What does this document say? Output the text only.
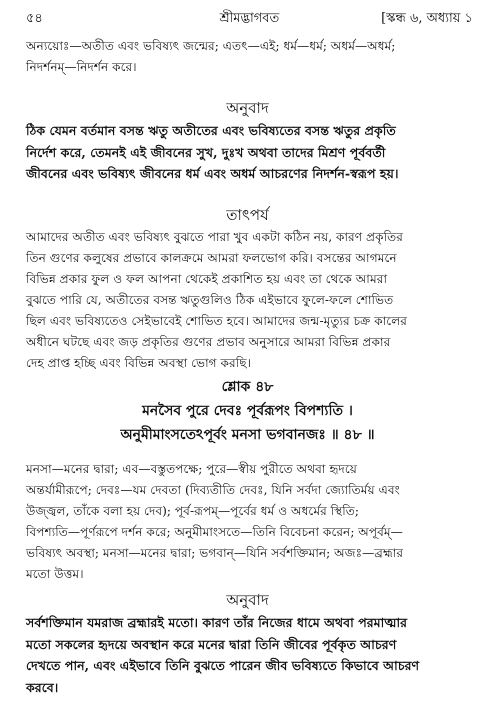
৫৪	শ্রীমদ্ভাগবত	[স্কন্ধ ৬, অধ্যায় ১
অন্যয়োঃ—অতীত এবং ভবিষ্যৎ জন্মের; এতৎ—এই; ধর্ম—ধর্ম; অধর্ম—অধর্ম;
নিদর্শনম্—নিদর্শন করে।
অনুবাদ
ঠিক যেমন বর্তমান বসন্ত ঋতু অতীতের এবং ভবিষ্যতের বসন্ত ঋতুর প্রকৃতি
নির্দেশ করে, তেমনই এই জীবনের সুখ, দুঃখ অথবা তাদের মিশ্রণ পূর্ববর্তী
জীবনের এবং ভবিষ্যৎ জীবনের ধর্ম এবং অধর্ম আচরণের নিদর্শন-স্বরূপ হয়।
তাৎপর্য
আমাদের অতীত এবং ভবিষ্যৎ বুঝতে পারা খুব একটা কঠিন নয়, কারণ প্রকৃতির
তিন গুণের কলুষের প্রভাবে কালক্রমে আমরা ফলভোগ করি। বসন্তের আগমনে
বিভিন্ন প্রকার ফুল ও ফল আপনা থেকেই প্রকাশিত হয় এবং তা থেকে আমরা
বুঝতে পারি যে, অতীতের বসন্ত ঋতুগুলিও ঠিক এইভাবে ফুলে-ফলে শোভিত
ছিল এবং ভবিষ্যতেও সেইভাবেই শোভিত হবে। আমাদের জন্ম-মৃত্যুর চক্র কালের
অধীনে ঘটছে এবং জড় প্রকৃতির গুণের প্রভাব অনুসারে আমরা বিভিন্ন প্রকার
দেহ প্রাপ্ত হচ্ছি এবং বিভিন্ন অবস্থা ভোগ করছি।
শ্লোক ৪৮
মনসৈব পুরে দেবঃ পূর্বরূপং বিপশ্যতি ।
অনুমীমাংসতেঽপূর্বং মনসা ভগবানজঃ ॥ ৪৮ ॥
মনসা—মনের দ্বারা; এব—বস্তুতপক্ষে; পুরে—স্বীয় পুরীতে অথবা হৃদয়ে
অন্তর্যামীরূপে; দেবঃ—যম দেবতা (দিব্যতীতি দেবঃ, যিনি সর্বদা জ্যোতির্ময় এবং
উজ্জ্বল, তাঁকে বলা হয় দেব); পূর্ব-রূপম্—পূর্বের ধর্ম ও অধর্মের স্থিতি;
বিপশ্যতি—পূর্ণরূপে দর্শন করে; অনুমীমাংসতে—তিনি বিবেচনা করেন; অপূর্বম্—
ভবিষ্যৎ অবস্থা; মনসা—মনের দ্বারা; ভগবান্—যিনি সর্বশক্তিমান; অজঃ—ব্রহ্মার
মতো উত্তম।
অনুবাদ
সর্বশক্তিমান যমরাজ ব্রহ্মারই মতো। কারণ তাঁর নিজের ধামে অথবা পরমাত্মার
মতো সকলের হৃদয়ে অবস্থান করে মনের দ্বারা তিনি জীবের পূর্বকৃত আচরণ
দেখতে পান, এবং এইভাবে তিনি বুঝতে পারেন জীব ভবিষ্যতে কিভাবে আচরণ
করবে।
